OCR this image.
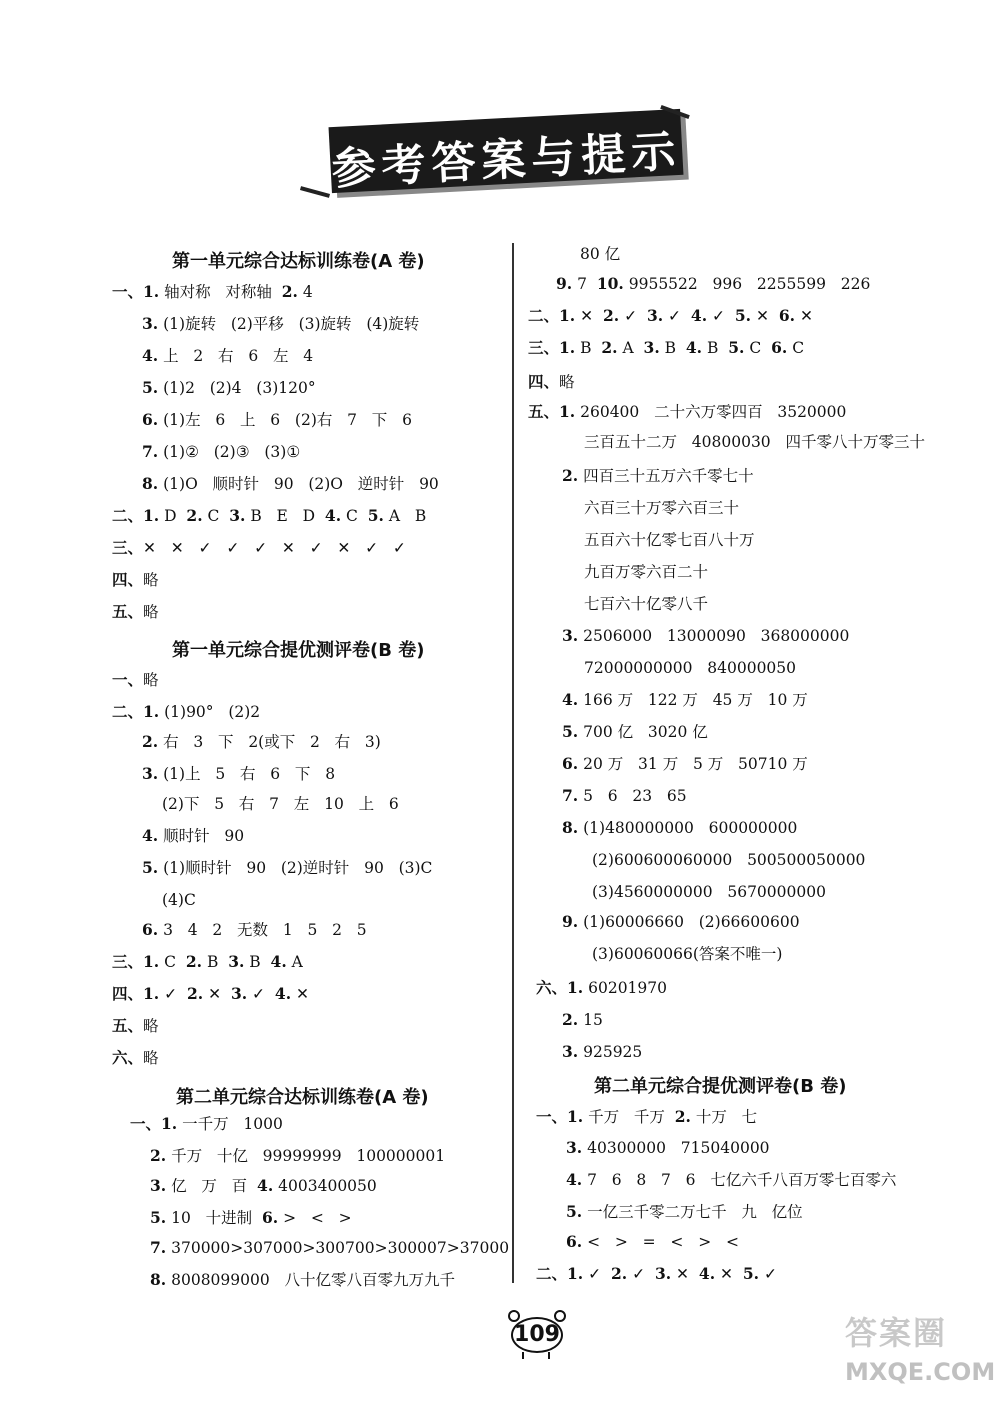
参考答案与提示
第一单元综合达标训练卷(A 卷)
一、1. 轴对称   对称轴  2. 4
3. (1)旋转   (2)平移   (3)旋转   (4)旋转
4. 上   2   右   6   左   4
5. (1)2   (2)4   (3)120°
6. (1)左   6   上   6   (2)右   7   下   6
7. (1)②   (2)③   (3)①
8. (1)O   顺时针   90   (2)O   逆时针   90
二、1. D  2. C  3. B   E   D  4. C  5. A   B
三、✕   ✕   ✓   ✓   ✓   ✕   ✓   ✕   ✓   ✓
四、略
五、略
第一单元综合提优测评卷(B 卷)
一、略
二、1. (1)90°   (2)2
2. 右   3   下   2(或下   2   右   3)
3. (1)上   5   右   6   下   8
(2)下   5   右   7   左   10   上   6
4. 顺时针   90
5. (1)顺时针   90   (2)逆时针   90   (3)C
(4)C
6. 3   4   2   无数   1   5   2   5
三、1. C  2. B  3. B  4. A
四、1. ✓  2. ✕  3. ✓  4. ✕
五、略
六、略
第二单元综合达标训练卷(A 卷)
一、1. 一千万   1000
2. 千万   十亿   99999999   100000001
3. 亿   万   百  4. 4003400050
5. 10   十进制  6. >   <   >
7. 370000>307000>300700>300007>37000
8. 8008099000   八十亿零八百零九万九千
80 亿
9. 7  10. 9955522   996   2255599   226
二、1. ✕  2. ✓  3. ✓  4. ✓  5. ✕  6. ✕
三、1. B  2. A  3. B  4. B  5. C  6. C
四、略
五、1. 260400   二十六万零四百   3520000
三百五十二万   40800030   四千零八十万零三十
2. 四百三十五万六千零七十
六百三十万零六百三十
五百六十亿零七百八十万
九百万零六百二十
七百六十亿零八千
3. 2506000   13000090   368000000
72000000000   840000050
4. 166 万   122 万   45 万   10 万
5. 700 亿   3020 亿
6. 20 万   31 万   5 万   50710 万
7. 5   6   23   65
8. (1)480000000   600000000
(2)600600060000   500500050000
(3)4560000000   5670000000
9. (1)60006660   (2)66600600
(3)60060066(答案不唯一)
六、1. 60201970
2. 15
3. 925925
第二单元综合提优测评卷(B 卷)
一、1. 千万   千万  2. 十万   七
3. 40300000   715040000
4. 7   6   8   7   6   七亿六千八百万零七百零六
5. 一亿三千零二万七千   九   亿位
6. <   >   =   <   >   <
二、1. ✓  2. ✓  3. ✕  4. ✕  5. ✓
109	答案圈
MXQE.COM
